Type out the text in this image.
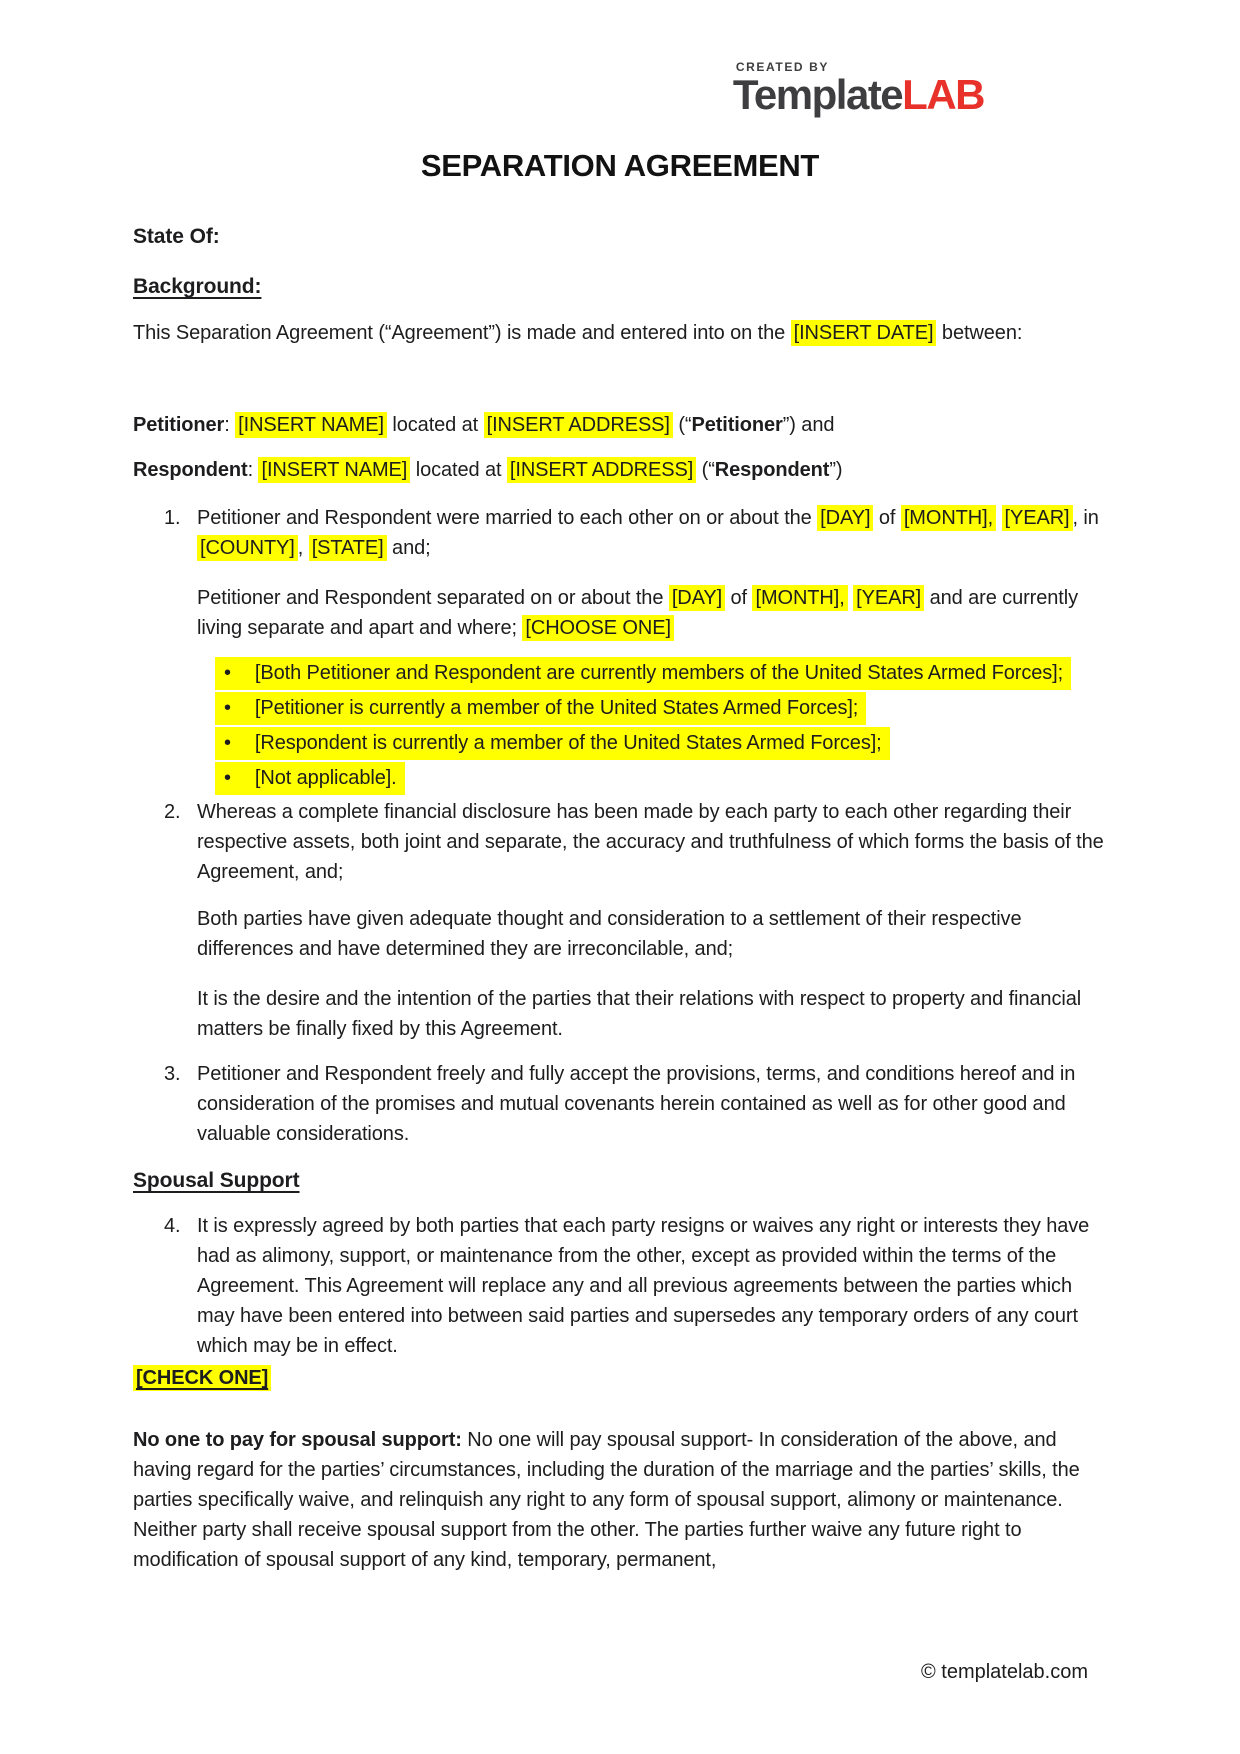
CREATED BY
TemplateLAB
SEPARATION AGREEMENT
State Of:
Background:
This Separation Agreement (“Agreement”) is made and entered into on the [INSERT DATE] between:
Petitioner: [INSERT NAME] located at [INSERT ADDRESS] (“Petitioner”) and
Respondent: [INSERT NAME] located at [INSERT ADDRESS] (“Respondent”)
1. Petitioner and Respondent were married to each other on or about the [DAY] of [MONTH], [YEAR] , in [COUNTY] , [STATE] and;
Petitioner and Respondent separated on or about the [DAY] of [MONTH], [YEAR] and are currently living separate and apart and where; [CHOOSE ONE]
• [Both Petitioner and Respondent are currently members of the United States Armed Forces];
• [Petitioner is currently a member of the United States Armed Forces];
• [Respondent is currently a member of the United States Armed Forces];
• [Not applicable].
2. Whereas a complete financial disclosure has been made by each party to each other regarding their respective assets, both joint and separate, the accuracy and truthfulness of which forms the basis of the Agreement, and;
Both parties have given adequate thought and consideration to a settlement of their respective differences and have determined they are irreconcilable, and;
It is the desire and the intention of the parties that their relations with respect to property and financial matters be finally fixed by this Agreement.
3. Petitioner and Respondent freely and fully accept the provisions, terms, and conditions hereof and in consideration of the promises and mutual covenants herein contained as well as for other good and valuable considerations.
Spousal Support
4. It is expressly agreed by both parties that each party resigns or waives any right or interests they have had as alimony, support, or maintenance from the other, except as provided within the terms of the Agreement. This Agreement will replace any and all previous agreements between the parties which may have been entered into between said parties and supersedes any temporary orders of any court which may be in effect.
[CHECK ONE]
No one to pay for spousal support: No one will pay spousal support- In consideration of the above, and having regard for the parties’ circumstances, including the duration of the marriage and the parties’ skills, the parties specifically waive, and relinquish any right to any form of spousal support, alimony or maintenance. Neither party shall receive spousal support from the other. The parties further waive any future right to modification of spousal support of any kind, temporary, permanent,
© templatelab.com
